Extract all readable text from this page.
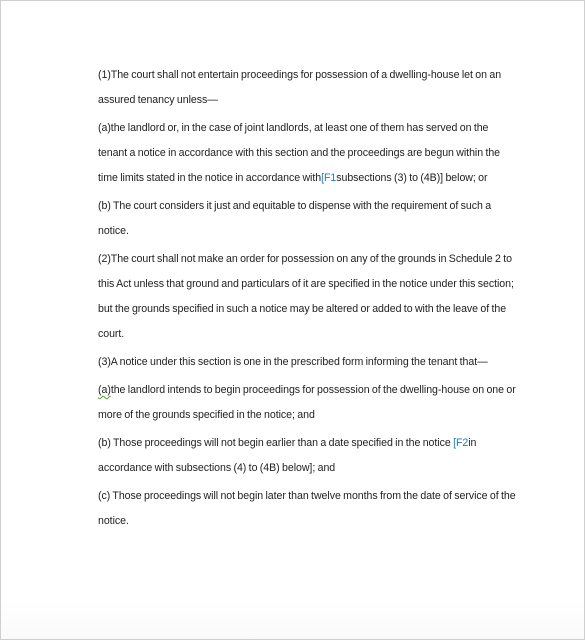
(1)The court shall not entertain proceedings for possession of a dwelling-house let on an assured tenancy unless—

(a)the landlord or, in the case of joint landlords, at least one of them has served on the tenant a notice in accordance with this section and the proceedings are begun within the time limits stated in the notice in accordance with[F1subsections (3) to (4B)] below; or

(b) The court considers it just and equitable to dispense with the requirement of such a notice.

(2)The court shall not make an order for possession on any of the grounds in Schedule 2 to this Act unless that ground and particulars of it are specified in the notice under this section; but the grounds specified in such a notice may be altered or added to with the leave of the court.

(3)A notice under this section is one in the prescribed form informing the tenant that—

(a)the landlord intends to begin proceedings for possession of the dwelling-house on one or more of the grounds specified in the notice; and

(b) Those proceedings will not begin earlier than a date specified in the notice [F2in accordance with subsections (4) to (4B) below]; and

(c) Those proceedings will not begin later than twelve months from the date of service of the notice.
